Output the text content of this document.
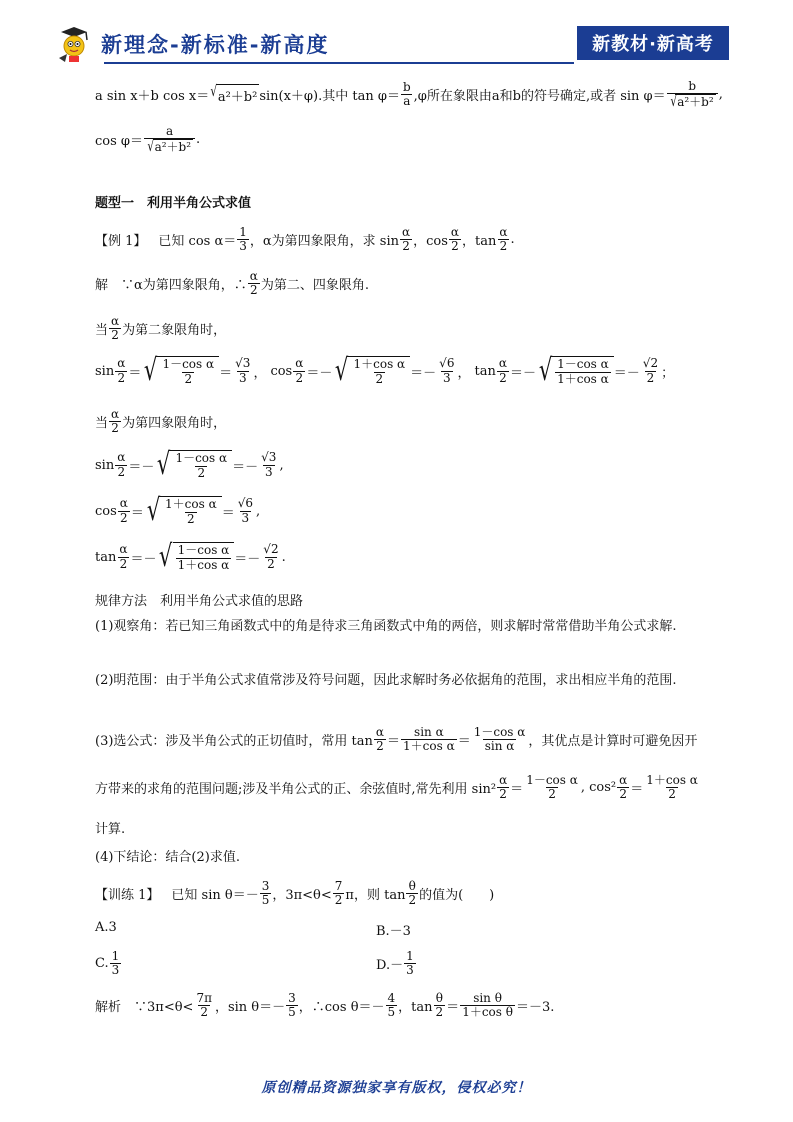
新理念-新标准-新高度	新教材·新高考
a sin x＋b cos x＝ √ a²＋b² sin(x＋φ).其中 $\tan \varphi= \frac{b}{a} ,\varphi$所在象限由a和b的符号确定,或者 $\sin \varphi= \frac{b}{\text{√ a²＋b²}}$ ,
$\cos \varphi= \frac{a}{\text{√ a²＋b²}}$ .
题型一　利用半角公式求值
【例 1】 已知 $\cos \alpha= \frac{1}{3}$ ，α为第四象限角，求 $\sin \frac{\alpha}{2}$ ，$\cos \frac{\alpha}{2}$ ，$\tan \frac{\alpha}{2}$ .
解　∵α为第四象限角，∴ $\frac{\alpha}{2}$ 为第二、四象限角.
当 $\frac{\alpha}{2}$ 为第二象限角时，
$\sin \frac{\alpha}{2}$ ＝ √ $\frac{\text{1－cos α}}{2} = \frac{√3}{3}$ ， $\cos \frac{\alpha}{2}$ ＝－ √ $\frac{\text{1＋cos α}}{2} =- \frac{√6}{3}$ ， $\tan \frac{\alpha}{2}$ ＝－ √ $\frac{\text{1－cos α}}{\text{1＋cos α}} =- \frac{√2}{2}$ ；
当 $\frac{\alpha}{2}$ 为第四象限角时，
$\sin \frac{\alpha}{2}$ ＝－ √ $\frac{\text{1－cos α}}{2} =- \frac{√3}{3}$ ,
$\cos \frac{\alpha}{2}$ ＝ √ $\frac{\text{1＋cos α}}{2} = \frac{√6}{3}$ ,
$\tan \frac{\alpha}{2}$ ＝－ √ $\frac{\text{1－cos α}}{\text{1＋cos α}} =- \frac{√2}{2}$ .
规律方法　利用半角公式求值的思路
(1)观察角：若已知三角函数式中的角是待求三角函数式中角的两倍，则求解时常常借助半角公式求解.
(2)明范围：由于半角公式求值常涉及符号问题，因此求解时务必依据角的范围，求出相应半角的范围.
(3)选公式：涉及半角公式的正切值时，常用 $\tan \frac{\alpha}{2} = \frac{\text{sin α}}{\text{1＋cos α}} = \frac{\text{1－cos α}}{\text{sin α}}$ ，其优点是计算时可避免因开
方带来的求角的范围问题;涉及半角公式的正、余弦值时,常先利用 $\sin^2 \frac{\alpha}{2} = \frac{\text{1－cos α}}{2}$ , $\cos^2 \frac{\alpha}{2} = \frac{\text{1＋cos α}}{2}$
计算.
(4)下结论：结合(2)求值.
【训练 1】 已知 $\sin \theta=- \frac{3}{5}$ ，$3\pi<\theta< \frac{7}{2}$ π，则 $\tan \frac{\theta}{2}$ 的值为(　　)
A.3	B.－3
C. $\frac{1}{3}$	$D.- \frac{1}{3}$
解析　∵3π<θ< $\frac{7\pi}{2}$ ，$\sin \theta=- \frac{3}{5}$ ，∴cos $\theta=- \frac{4}{5}$ ，$\tan \frac{\theta}{2} = \frac{\text{sin θ}}{\text{1＋cos θ}} =-3$.
原创精品资源独家享有版权，侵权必究！
